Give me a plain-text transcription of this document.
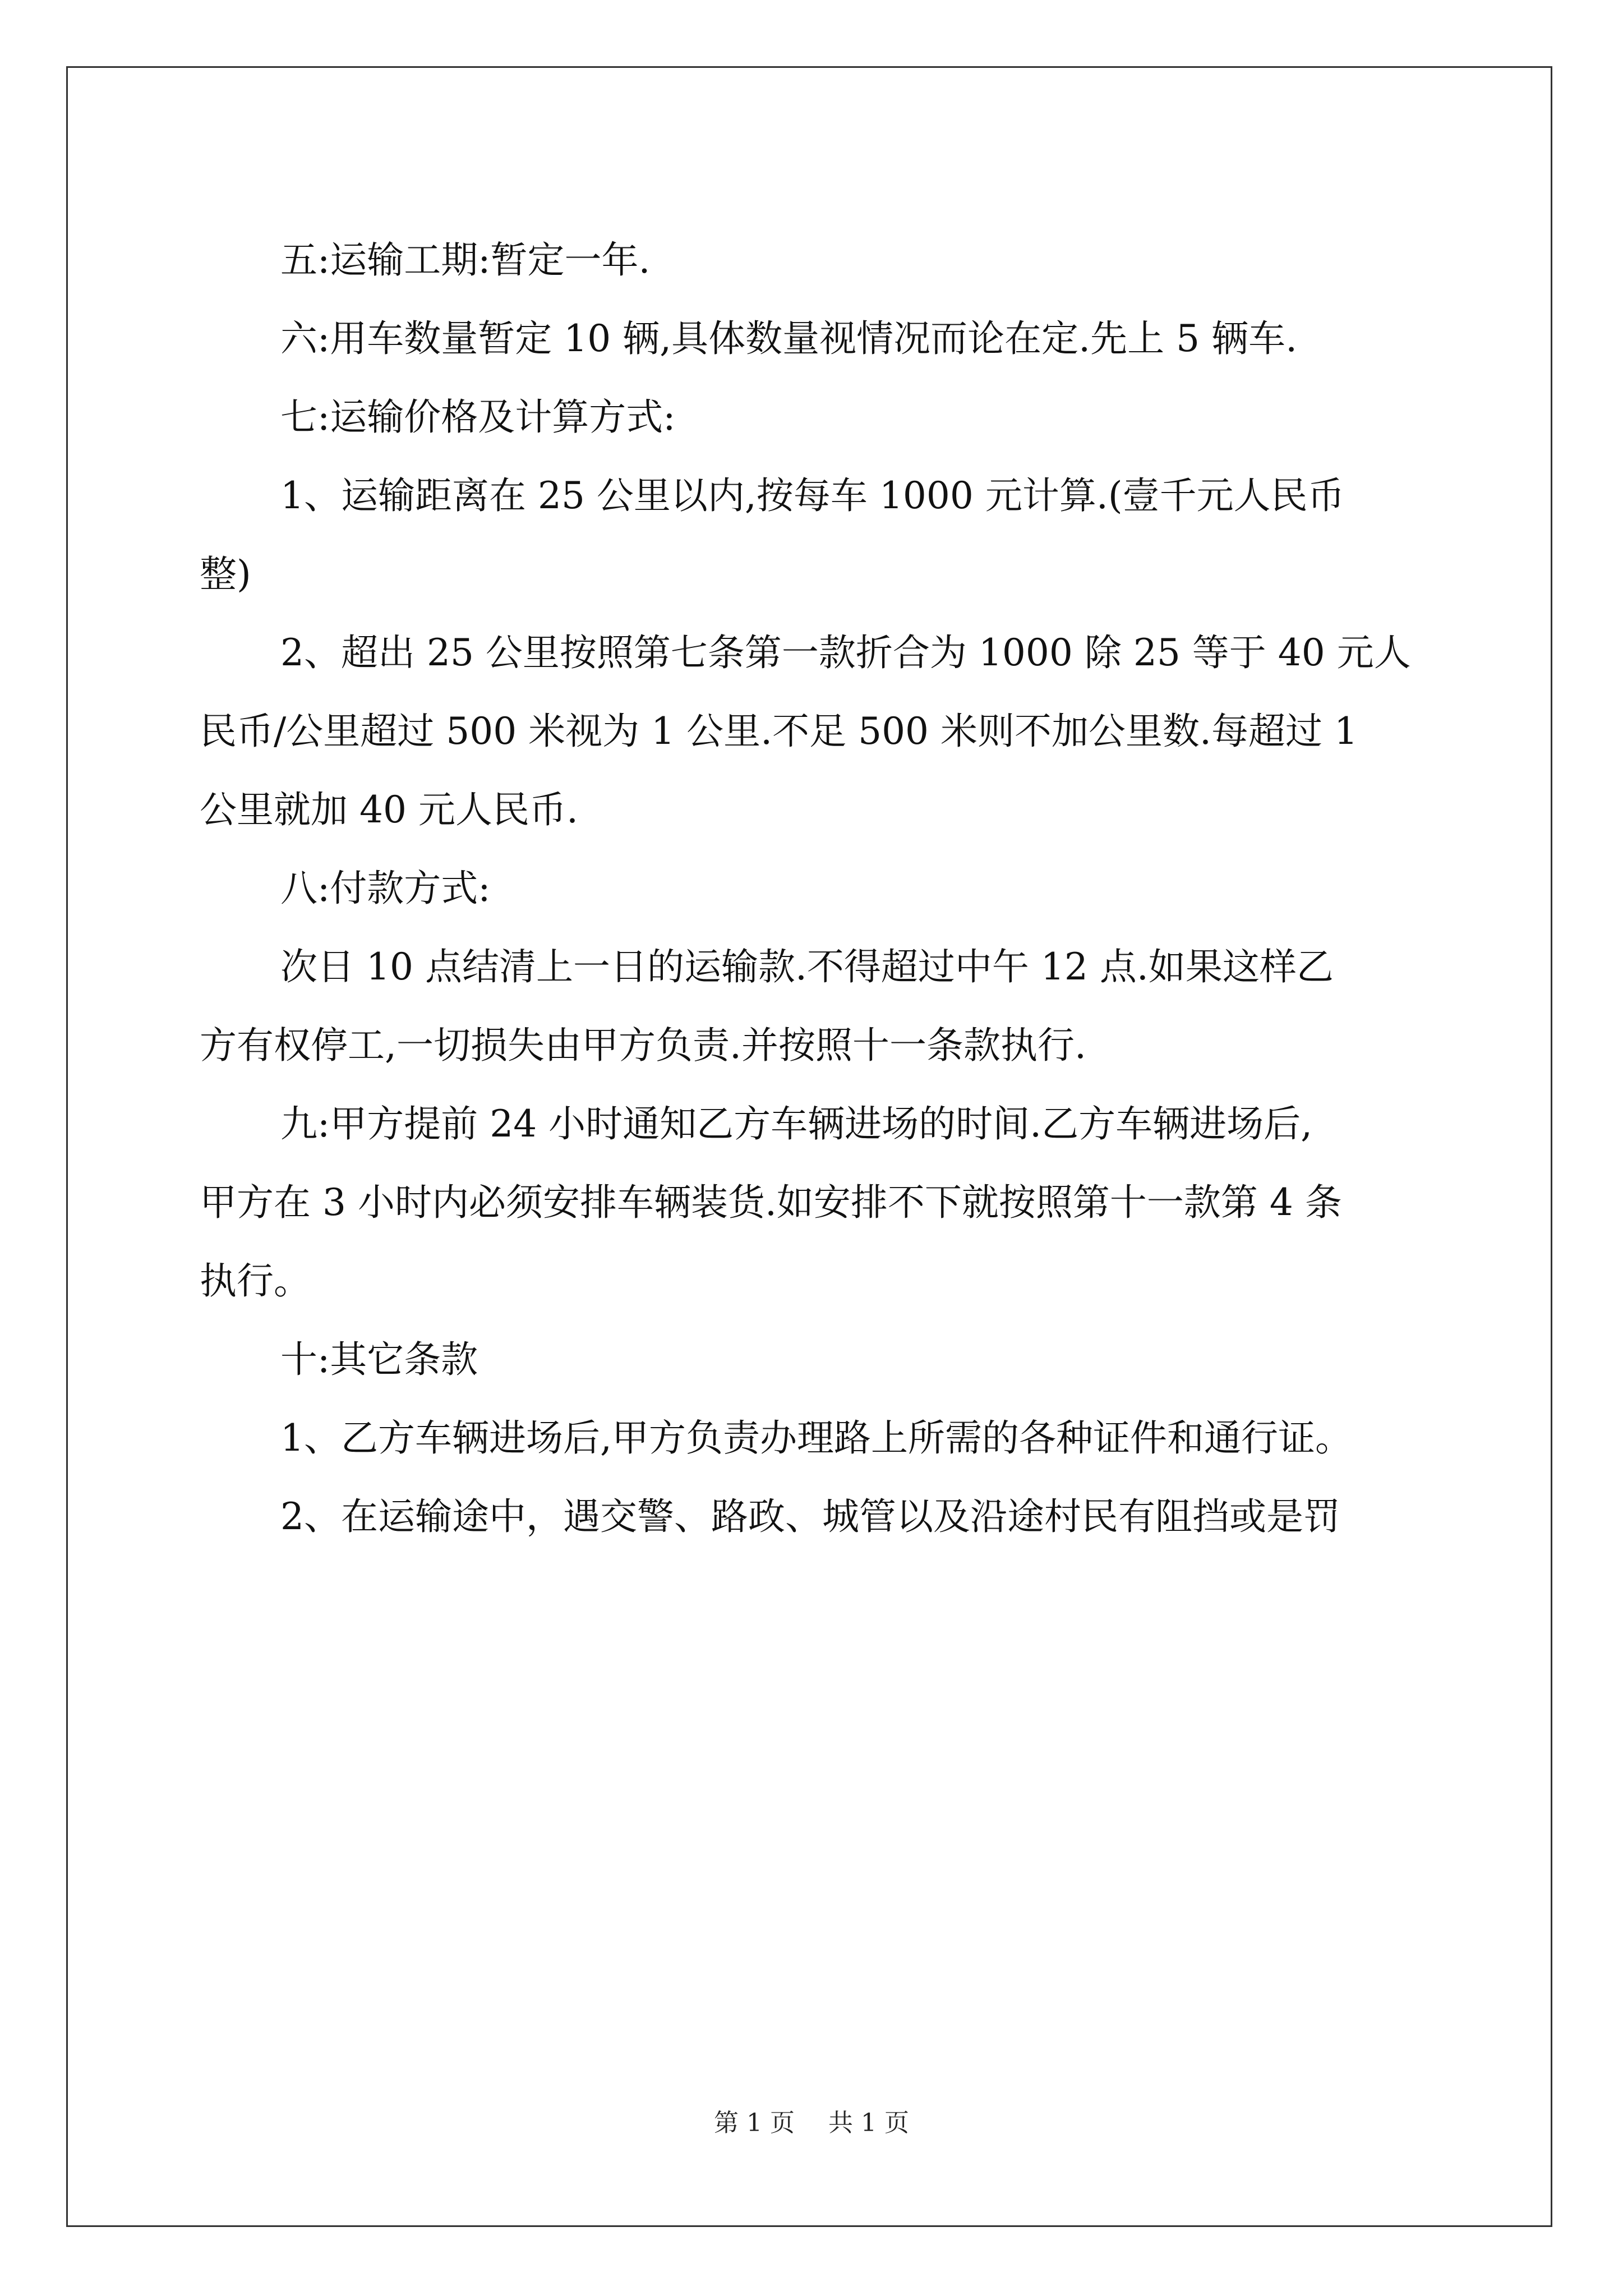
五:运输工期:暂定一年.

六:用车数量暂定 10 辆,具体数量视情况而论在定.先上 5 辆车.

七:运输价格及计算方式:

1、运输距离在 25 公里以内,按每车 1000 元计算.(壹千元人民币

整)

2、超出 25 公里按照第七条第一款折合为 1000 除 25 等于 40 元人

民币/公里超过 500 米视为 1 公里.不足 500 米则不加公里数.每超过 1

公里就加 40 元人民币.

八:付款方式:

次日 10 点结清上一日的运输款.不得超过中午 12 点.如果这样乙

方有权停工,一切损失由甲方负责.并按照十一条款执行.

九:甲方提前 24 小时通知乙方车辆进场的时间.乙方车辆进场后,

甲方在 3 小时内必须安排车辆装货.如安排不下就按照第十一款第 4 条

执行。

十:其它条款

1、乙方车辆进场后,甲方负责办理路上所需的各种证件和通行证。

2、在运输途中，遇交警、路政、城管以及沿途村民有阻挡或是罚

第 1 页 共 1 页
